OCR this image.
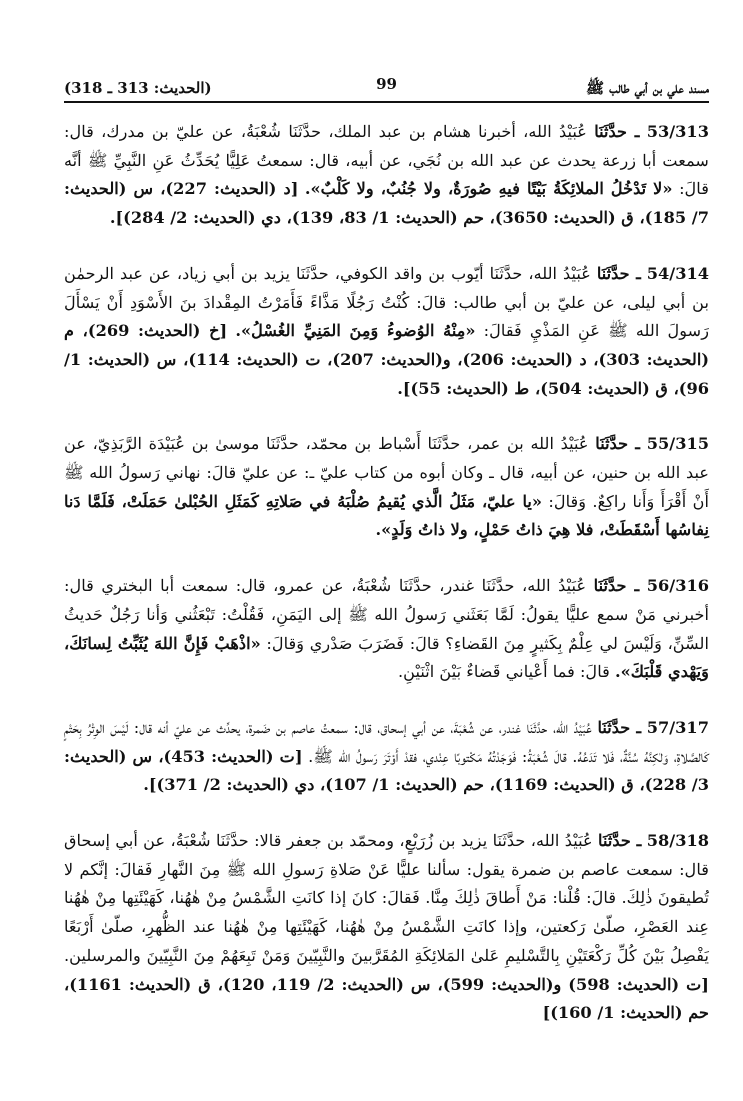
(الحديث: 313 ـ 318)	99	مسند علي بن أبي طالب ﷺ

53/313 ـ حدَّثَنَا عُبَيْدُ الله، أخبرنا هشام بن عبد الملك، حدَّثَنَا شُعْبَةُ، عن عليّ بن مدرك، قال: سمعت أبا زرعة يحدث عن عبد الله بن نُجَي، عن أبيه، قال: سمعتُ عَلِيًّا يُحَدِّثُ عَنِ النَّبِيِّ ﷺ أنَّه قالَ: «لا تَدْخُلُ الملائِكَةُ بَيْتًا فيهِ صُورَةٌ، ولا جُنُبٌ، ولا كَلْبٌ». [د (الحديث: 227)، س (الحديث: 7/ 185)، ق (الحديث: 3650)، حم (الحديث: 1/ 83، 139)، دي (الحديث: 2/ 284)].

54/314 ـ حدَّثَنَا عُبَيْدُ الله، حدَّثَنَا أيّوب بن واقد الكوفي، حدَّثَنَا يزيد بن أبي زياد، عن عبد الرحمٰن بن أبي ليلى، عن عليّ بن أبي طالب: قالَ: كُنْتُ رَجُلًا مَذَّاءً فَأَمَرْتُ المِقْدادَ بنَ الأَسْوَدِ أَنْ يَسْأَلَ رَسولَ الله ﷺ عَنِ المَذْيِ فَقالَ: «مِنْهُ الوُضوءُ وَمِنَ المَنِيِّ الغُسْلُ». [خ (الحديث: 269)، م (الحديث: 303)، د (الحديث: 206)، و(الحديث: 207)، ت (الحديث: 114)، س (الحديث: 1/ 96)، ق (الحديث: 504)، ط (الحديث: 55)].

55/315 ـ حدَّثَنَا عُبَيْدُ الله بن عمر، حدَّثَنَا أَسْباط بن محمّد، حدَّثَنَا موسىٰ بن عُبَيْدَة الرَّبَذِيّ، عن عبد الله بن حنين، عن أبيه، قال ـ وكان أبوه من كتاب عليّ ـ: عن عليّ قالَ: نهاني رَسولُ الله ﷺ أَنْ أَقْرَأَ وَأَنا راكِعٌ. وَقالَ: «يا عليّ، مَثَلُ الَّذي يُقيمُ صُلْبَهُ في صَلاتِهِ كَمَثَلِ الحُبْلىٰ حَمَلَتْ، فَلَمَّا دَنا نِفاسُها أَسْقَطَتْ، فلا هِيَ ذاتُ حَمْلٍ، ولا ذاتُ وَلَدٍ».

56/316 ـ حدَّثَنَا عُبَيْدُ الله، حدَّثَنَا غندر، حدَّثَنَا شُعْبَةُ، عن عمرو، قال: سمعت أبا البختري قال: أخبرني مَنْ سمع عليًّا يقولُ: لَمَّا بَعَثَني رَسولُ الله ﷺ إلى اليَمَنِ، فَقُلْتُ: تَبْعَثُني وَأنا رَجُلٌ حَديثُ السِّنِّ، وَلَيْسَ لي عِلْمٌ بِكَثيرٍ مِنَ القَضاءِ؟ قالَ: فَضَرَبَ صَدْري وَقالَ: «اذْهَبْ فَإِنَّ اللهَ يُثَبِّتُ لِسانَكَ، وَيَهْدي قَلْبَكَ». قالَ: فما أَعْياني قَضاءٌ بَيْنَ اثْنَيْنِ.

57/317 ـ حدَّثَنَا عُبَيْدُ الله، حدَّثَنَا غندر، عن شُعْبَةَ، عن أبي إسحاق، قال: سمعتُ عاصم بن ضَمرة، يحدِّث عن عليّ أنه قال: لَيْسَ الوِتْرُ بِحَتْمٍ كَالصَّلاةِ، وَلٰكِنَّهُ سُنَّةٌ، فَلا تَدَعُهُ. قالَ شُعْبَةُ: فَوَجَدْتُهُ مَكْتوبًا عِنْدي، فقدْ أَوْتَرَ رَسولُ الله ﷺ. [ت (الحديث: 453)، س (الحديث: 3/ 228)، ق (الحديث: 1169)، حم (الحديث: 1/ 107)، دي (الحديث: 2/ 371)].

58/318 ـ حدَّثَنَا عُبَيْدُ الله، حدَّثَنَا يزيد بن زُرَيْعٍ، ومحمّد بن جعفر قالا: حدَّثَنَا شُعْبَةُ، عن أبي إسحاق قال: سمعت عاصم بن ضمرة يقول: سألنا عليًّا عَنْ صَلاةِ رَسولِ الله ﷺ مِنَ النَّهارِ فَقالَ: إنَّكم لا تُطيقونَ ذٰلِكَ. قالَ: قُلْنا: مَنْ أَطاقَ ذٰلِكَ مِنَّا. فَقالَ: كانَ إذا كانَتِ الشَّمْسُ مِنْ هٰهُنا، كَهَيْئَتِها مِنْ هٰهُنا عِند العَصْرِ، صلّىٰ رَكعتين، وإذا كانَتِ الشَّمْسُ مِنْ هٰهُنا، كَهَيْئَتِها مِنْ هٰهُنا عند الظُّهرِ، صلّىٰ أَرْبَعًا يَفْصِلُ بَيْنَ كُلِّ رَكْعَتَيْنِ بِالتَّسْليمِ عَلىٰ المَلائِكَةِ المُقَرَّبينَ والنَّبِيّينَ وَمَنْ تَبِعَهُمْ مِنَ النَّبِيّينَ والمرسلين. [ت (الحديث: 598) و(الحديث: 599)، س (الحديث: 2/ 119، 120)، ق (الحديث: 1161)، حم (الحديث: 1/ 160)]
